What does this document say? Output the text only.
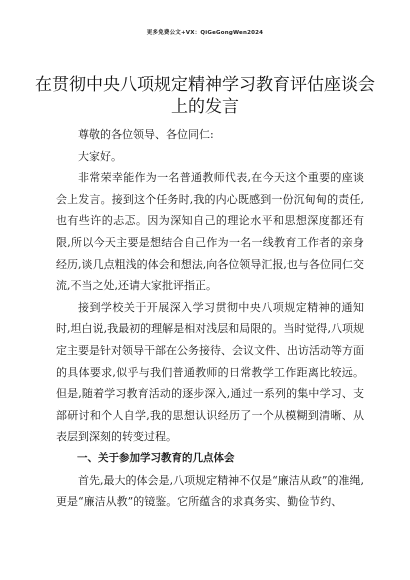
更多免费公文+VX：QiGeGongWen2024
在贯彻中央八项规定精神学习教育评估座谈会上的发言

尊敬的各位领导、各位同仁:

大家好。

非常荣幸能作为一名普通教师代表,在今天这个重要的座谈会上发言。接到这个任务时,我的内心既感到一份沉甸甸的责任,也有些许的忐忑。因为深知自己的理论水平和思想深度都还有限,所以今天主要是想结合自己作为一名一线教育工作者的亲身经历,谈几点粗浅的体会和想法,向各位领导汇报,也与各位同仁交流,不当之处,还请大家批评指正。

接到学校关于开展深入学习贯彻中央八项规定精神的通知时,坦白说,我最初的理解是相对浅层和局限的。当时觉得,八项规定主要是针对领导干部在公务接待、会议文件、出访活动等方面的具体要求,似乎与我们普通教师的日常教学工作距离比较远。但是,随着学习教育活动的逐步深入,通过一系列的集中学习、支部研讨和个人自学,我的思想认识经历了一个从模糊到清晰、从表层到深刻的转变过程。

一、关于参加学习教育的几点体会

首先,最大的体会是,八项规定精神不仅是“廉洁从政”的准绳,更是“廉洁从教”的镜鉴。它所蕴含的求真务实、勤俭节约、
